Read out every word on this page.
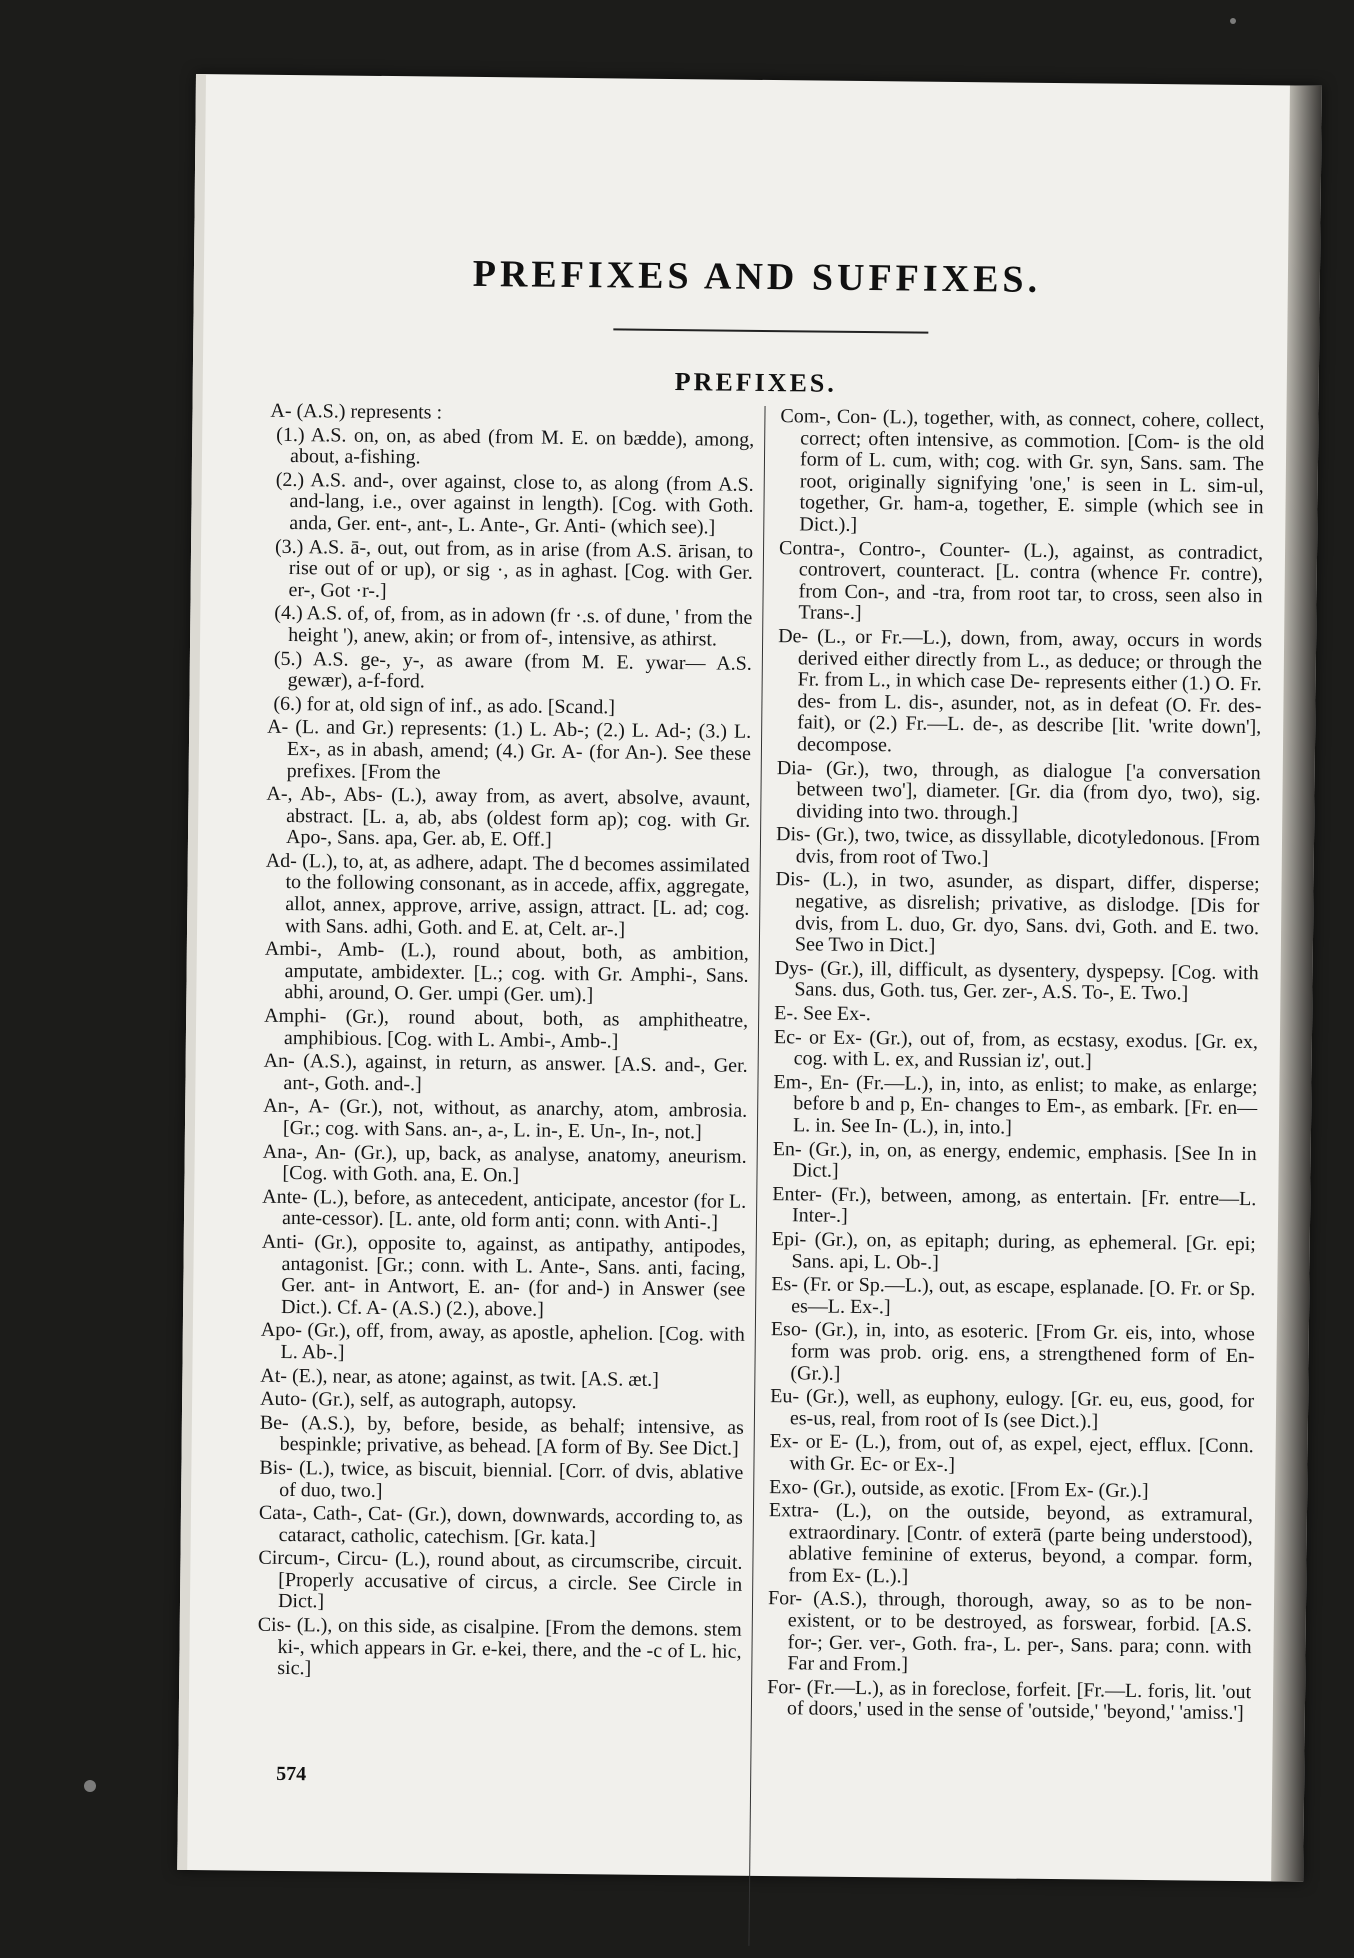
PREFIXES AND SUFFIXES.
PREFIXES.
A- (A.S.) represents :
(1.) A.S. on, on, as abed (from M. E. on bædde), among, about, a-fishing.
(2.) A.S. and-, over against, close to, as along (from A.S. and-lang, i.e., over against in length). [Cog. with Goth. anda, Ger. ent-, ant-, L. Ante-, Gr. Anti- (which see).]
(3.) A.S. ā-, out, out from, as in arise (from A.S. ārisan, to rise out of or up), or sig ·, as in aghast. [Cog. with Ger. er-, Got ·r-.]
(4.) A.S. of, of, from, as in adown (fr ·.s. of dune, ' from the height '), anew, akin; or from of-, intensive, as athirst.
(5.) A.S. ge-, y-, as aware (from M. E. ywar— A.S. gewær), a-f-ford.
(6.) for at, old sign of inf., as ado. [Scand.]
A- (L. and Gr.) represents: (1.) L. Ab-; (2.) L. Ad-; (3.) L. Ex-, as in abash, amend; (4.) Gr. A- (for An-). See these prefixes. [From the
A-, Ab-, Abs- (L.), away from, as avert, absolve, avaunt, abstract. [L. a, ab, abs (oldest form ap); cog. with Gr. Apo-, Sans. apa, Ger. ab, E. Off.]
Ad- (L.), to, at, as adhere, adapt. The d becomes assimilated to the following consonant, as in accede, affix, aggregate, allot, annex, approve, arrive, assign, attract. [L. ad; cog. with Sans. adhi, Goth. and E. at, Celt. ar-.]
Ambi-, Amb- (L.), round about, both, as ambition, amputate, ambidexter. [L.; cog. with Gr. Amphi-, Sans. abhi, around, O. Ger. umpi (Ger. um).]
Amphi- (Gr.), round about, both, as amphitheatre, amphibious. [Cog. with L. Ambi-, Amb-.]
An- (A.S.), against, in return, as answer. [A.S. and-, Ger. ant-, Goth. and-.]
An-, A- (Gr.), not, without, as anarchy, atom, ambrosia. [Gr.; cog. with Sans. an-, a-, L. in-, E. Un-, In-, not.]
Ana-, An- (Gr.), up, back, as analyse, anatomy, aneurism. [Cog. with Goth. ana, E. On.]
Ante- (L.), before, as antecedent, anticipate, ancestor (for L. ante-cessor). [L. ante, old form anti; conn. with Anti-.]
Anti- (Gr.), opposite to, against, as antipathy, antipodes, antagonist. [Gr.; conn. with L. Ante-, Sans. anti, facing, Ger. ant- in Antwort, E. an- (for and-) in Answer (see Dict.). Cf. A- (A.S.) (2.), above.]
Apo- (Gr.), off, from, away, as apostle, aphelion. [Cog. with L. Ab-.]
At- (E.), near, as atone; against, as twit. [A.S. æt.]
Auto- (Gr.), self, as autograph, autopsy.
Be- (A.S.), by, before, beside, as behalf; intensive, as bespinkle; privative, as behead. [A form of By. See Dict.]
Bis- (L.), twice, as biscuit, biennial. [Corr. of dvis, ablative of duo, two.]
Cata-, Cath-, Cat- (Gr.), down, downwards, according to, as cataract, catholic, catechism. [Gr. kata.]
Circum-, Circu- (L.), round about, as circumscribe, circuit. [Properly accusative of circus, a circle. See Circle in Dict.]
Cis- (L.), on this side, as cisalpine. [From the demons. stem ki-, which appears in Gr. e-kei, there, and the -c of L. hic, sic.]
Com-, Con- (L.), together, with, as connect, cohere, collect, correct; often intensive, as commotion. [Com- is the old form of L. cum, with; cog. with Gr. syn, Sans. sam. The root, originally signifying 'one,' is seen in L. sim-ul, together, Gr. ham-a, together, E. simple (which see in Dict.).]
Contra-, Contro-, Counter- (L.), against, as contradict, controvert, counteract. [L. contra (whence Fr. contre), from Con-, and -tra, from root tar, to cross, seen also in Trans-.]
De- (L., or Fr.—L.), down, from, away, occurs in words derived either directly from L., as deduce; or through the Fr. from L., in which case De- represents either (1.) O. Fr. des- from L. dis-, asunder, not, as in defeat (O. Fr. des-fait), or (2.) Fr.—L. de-, as describe [lit. 'write down'], decompose.
Dia- (Gr.), two, through, as dialogue ['a conversation between two'], diameter. [Gr. dia (from dyo, two), sig. dividing into two. through.]
Dis- (Gr.), two, twice, as dissyllable, dicotyledonous. [From dvis, from root of Two.]
Dis- (L.), in two, asunder, as dispart, differ, disperse; negative, as disrelish; privative, as dislodge. [Dis for dvis, from L. duo, Gr. dyo, Sans. dvi, Goth. and E. two. See Two in Dict.]
Dys- (Gr.), ill, difficult, as dysentery, dyspepsy. [Cog. with Sans. dus, Goth. tus, Ger. zer-, A.S. To-, E. Two.]
E-. See Ex-.
Ec- or Ex- (Gr.), out of, from, as ecstasy, exodus. [Gr. ex, cog. with L. ex, and Russian iz', out.]
Em-, En- (Fr.—L.), in, into, as enlist; to make, as enlarge; before b and p, En- changes to Em-, as embark. [Fr. en—L. in. See In- (L.), in, into.]
En- (Gr.), in, on, as energy, endemic, emphasis. [See In in Dict.]
Enter- (Fr.), between, among, as entertain. [Fr. entre—L. Inter-.]
Epi- (Gr.), on, as epitaph; during, as ephemeral. [Gr. epi; Sans. api, L. Ob-.]
Es- (Fr. or Sp.—L.), out, as escape, esplanade. [O. Fr. or Sp. es—L. Ex-.]
Eso- (Gr.), in, into, as esoteric. [From Gr. eis, into, whose form was prob. orig. ens, a strengthened form of En- (Gr.).]
Eu- (Gr.), well, as euphony, eulogy. [Gr. eu, eus, good, for es-us, real, from root of Is (see Dict.).]
Ex- or E- (L.), from, out of, as expel, eject, efflux. [Conn. with Gr. Ec- or Ex-.]
Exo- (Gr.), outside, as exotic. [From Ex- (Gr.).]
Extra- (L.), on the outside, beyond, as extramural, extraordinary. [Contr. of exterā (parte being understood), ablative feminine of exterus, beyond, a compar. form, from Ex- (L.).]
For- (A.S.), through, thorough, away, so as to be non-existent, or to be destroyed, as forswear, forbid. [A.S. for-; Ger. ver-, Goth. fra-, L. per-, Sans. para; conn. with Far and From.]
For- (Fr.—L.), as in foreclose, forfeit. [Fr.—L. foris, lit. 'out of doors,' used in the sense of 'outside,' 'beyond,' 'amiss.']
574
